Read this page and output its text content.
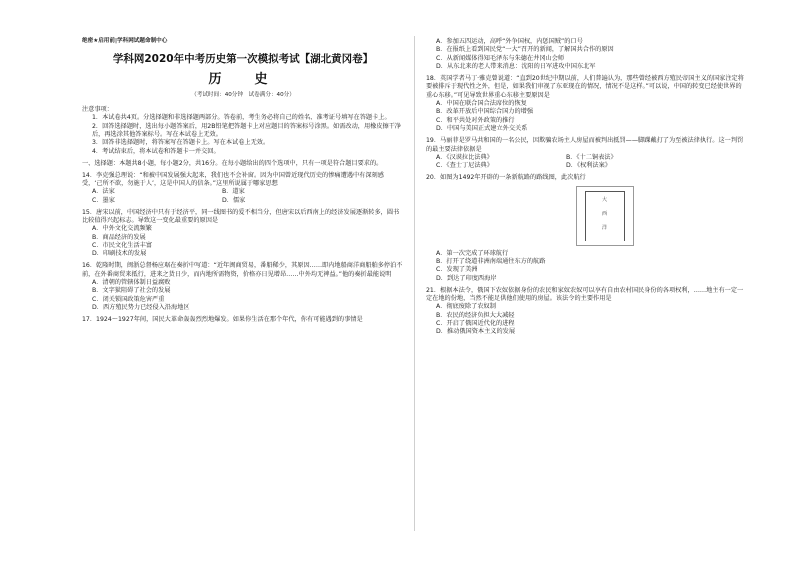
绝密★启用前|学科网试题命制中心

学科网2020年中考历史第一次模拟考试【湖北黄冈卷】

历　史

（考试时间：40分钟　试卷满分：40分）

注意事项：

1．本试卷共4页。分选择题和非选择题两部分。答卷前，考生务必将自己的姓名、准考证号填写在答题卡上。

2．回答选择题时，选出每小题答案后，用2B铅笔把答题卡上对应题目的答案标号涂黑。如需改动，用橡皮擦干净后，再选涂其他答案标号。写在本试卷上无效。

3．回答非选择题时，将答案写在答题卡上。写在本试卷上无效。

4．考试结束后，将本试卷和答题卡一并交回。

一、选择题：本题共8小题，每小题2分，共16分。在每小题给出的四个选项中，只有一项是符合题目要求的。

14．李克强总理说：“和被中国发展强大起来，我们也不会补窗。因为中国曾近现代历史的惨痛遭遇中有深刻感受，‘己所不欲，勿施于人’，这是中国人的信条。”这里所说属于哪家思想

A．法家	B．道家
C．墨家	D．儒家

15．唐宋以前，中国经济中只有于经济平，同一线图书的爱不相当分，但唐宋以后西南上的经济发展逐渐转多，圆书比较值得兴起标志。导致这一变化最重要的原因是

A．中外文化交流频繁

B．商品经济的发展

C．市民文化生活丰富

D．印刷技术的发展

16．乾隆时期，闽浙总督杨应琚在奏折中写道：“近年闽商贸易，番船稀少，其原因……即内地船商洋商船舶多停泊不前，在外番商贸来抵行，进来之货日少，而内地所需物资，价格亦日见增昂……中外均无裨益。”他的奏折最能说明

A．清朝的管辖体制日益腐败

B．文字狱阻碍了社会的发展

C．闭关锁国政策危害严重

D．西方殖民势力已经侵入沿海地区

17．1924～1927年间，国民大革命轰轰烈烈地爆发。如果你生活在那个年代，你有可能遇到的事情是

A．参加五四运动，高呼“外争国权，内惩国贼”的口号

B．在报纸上看到国民党“一大”召开的新闻，了解国共合作的原因

C．从新闻媒体得知毛泽东与朱德在井冈山会师

D．从东北来的老人带来消息：沈阳的日军进攻中国东北军

18．英国学者马丁·雅克曾说道：“直到20世纪中期以前，人们普遍认为，那些曾经被西方殖民帝国主义的国家注定将要被排斥于现代性之外，但是，如果我们审视了东亚现在的情况，情况不是这样。”可以说，中国的转变已经使世界的重心东移。”可见导致世界重心东移主要原因是

A．中国在联合国合法席位的恢复

B．改革开放后中国综合国力的增强

C．和平共处对外政策的推行

D．中国与美国正式建立外交关系

19．马丽菲是罗马共和国的一名公民，因欺骗农场主人房屋而被判出抵罚——脚踝戴打了为至被法律执行。这一判罚的最主要法律依据是

A．《汉谟拉比法典》	B．《十二铜表法》
C．《查士丁尼法典》	D．《权利法案》

20．如图为1492年开辟的一条新航路的路线图，此次航行

大
西
洋

A．第一次完成了环球航行

B．打开了绕道非洲南端通往东方的航路

C．发现了美洲

D．到达了印度西海岸

21．根据本法令，俄国下农奴依据身份的农民和家奴农奴可以享有自由农村国民身份的各项权利，……地主有一定一定在地的份地，当然不能足供他们使用的房屋。该法令的主要作用是

A．彻底废除了农奴制

B．农民的经济负担大大减轻

C．开启了俄国近代化的进程

D．推动俄国资本主义的发展
